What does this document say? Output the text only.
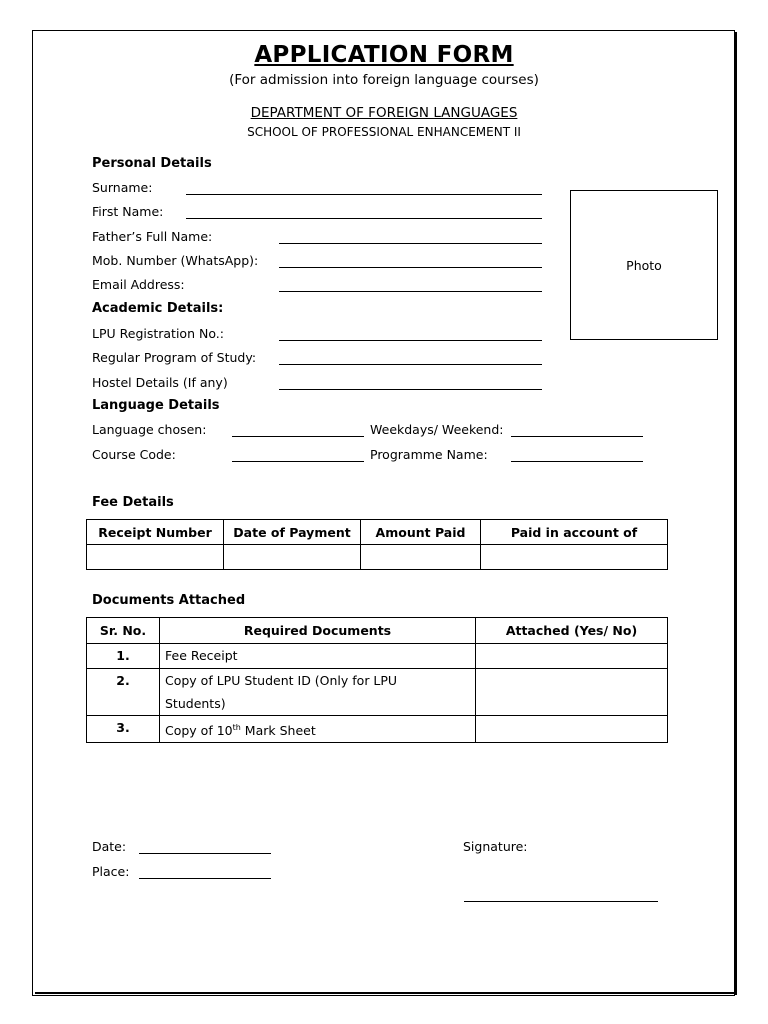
APPLICATION FORM
(For admission into foreign language courses)
DEPARTMENT OF FOREIGN LANGUAGES
SCHOOL OF PROFESSIONAL ENHANCEMENT II
Personal Details
Surname:
First Name:
Father’s Full Name:
Mob. Number (WhatsApp):
Email Address:
Photo
Academic Details:
LPU Registration No.:
Regular Program of Study:
Hostel Details (If any)
Language Details
Language chosen:	Weekdays/ Weekend:
Course Code:	Programme Name:
Fee Details
Receipt Number	Date of Payment	Amount Paid	Paid in account of

Documents Attached
Sr. No.	Required Documents	Attached (Yes/ No)
1.	Fee Receipt	
2.	Copy of LPU Student ID (Only for LPU
Students)	
3.	Copy of 10th Mark Sheet	
Date:
Place:
Signature:
